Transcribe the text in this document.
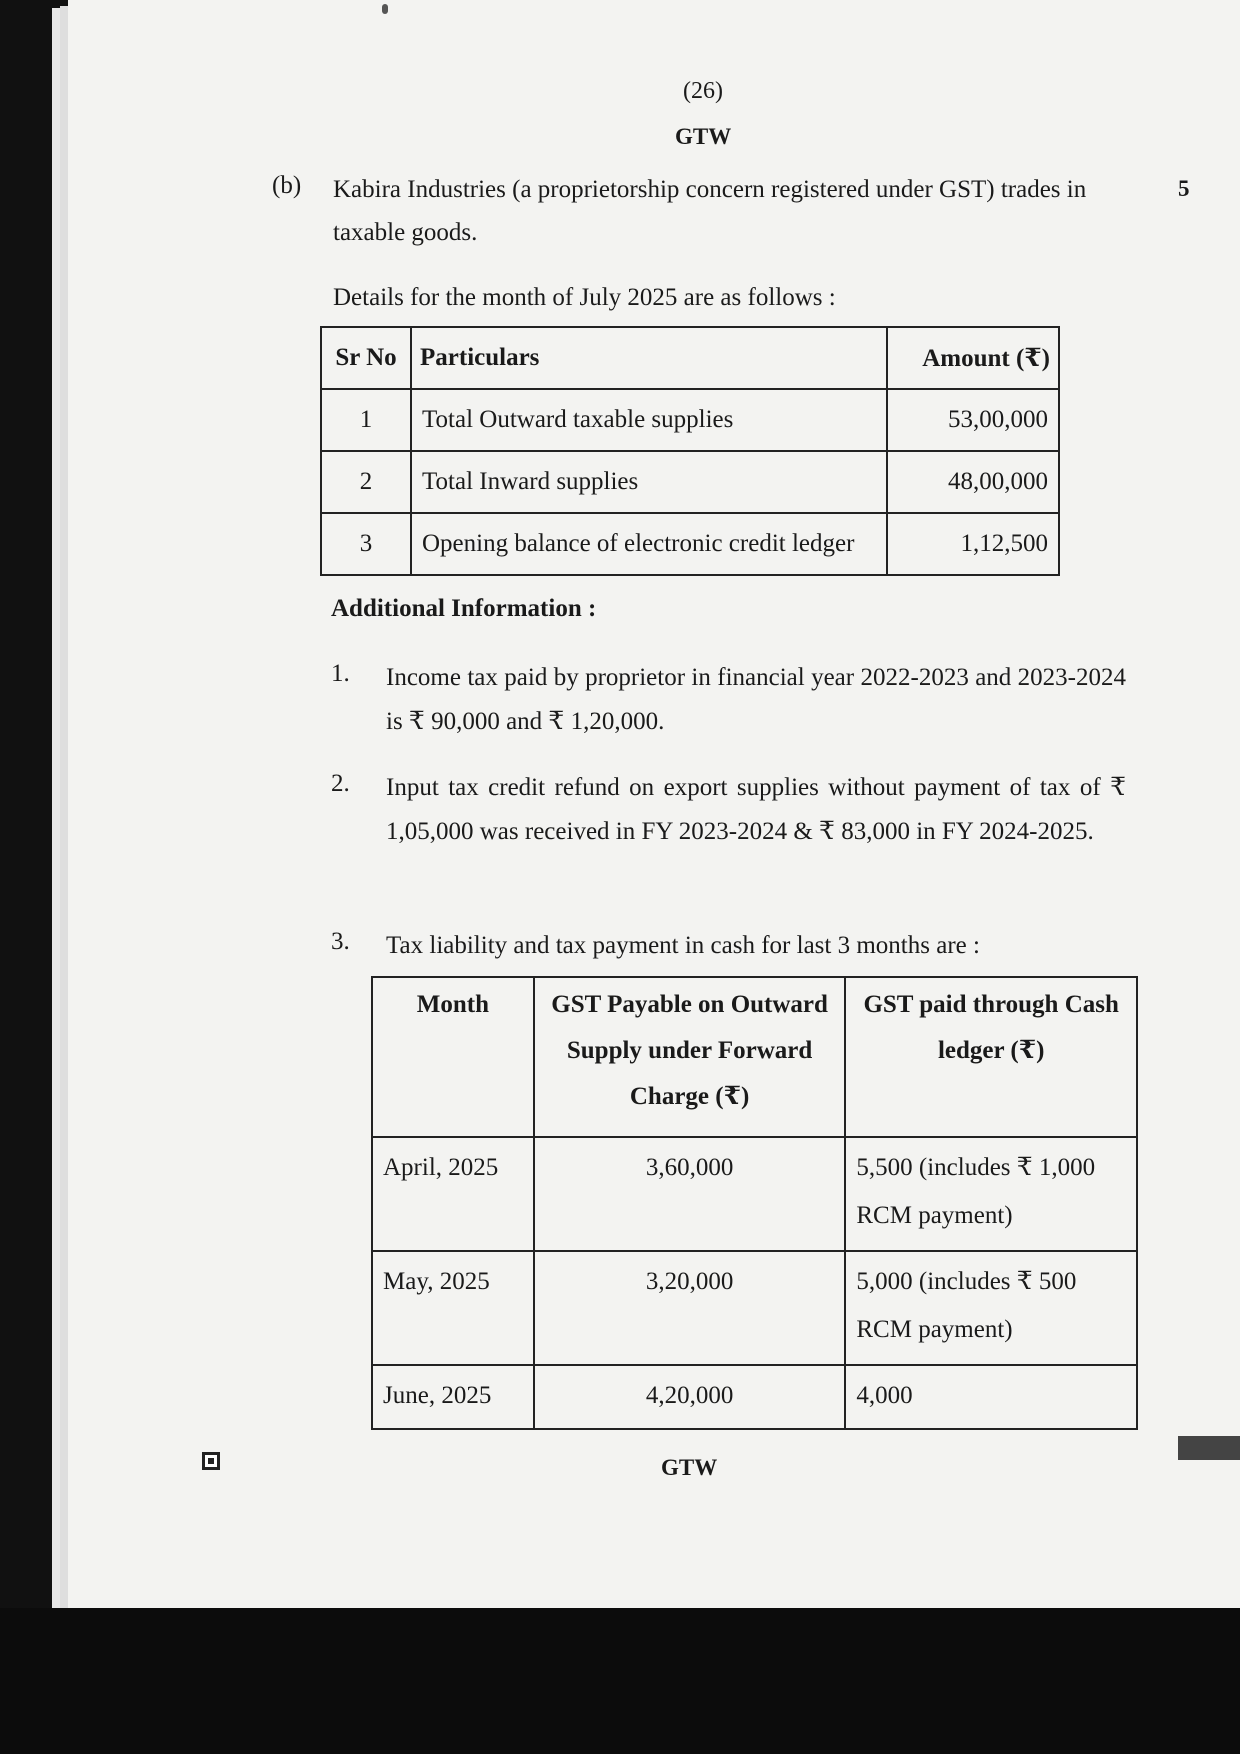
(26)
GTW
(b)	5
Kabira Industries (a proprietorship concern registered under GST) trades in taxable goods.
Details for the month of July 2025 are as follows :
Sr No	Particulars	Amount (₹)
1	Total Outward taxable supplies	53,00,000
2	Total Inward supplies	48,00,000
3	Opening balance of electronic credit ledger	1,12,500
Additional Information :
1. Income tax paid by proprietor in financial year 2022-2023 and 2023-2024 is ₹ 90,000 and ₹ 1,20,000.
2. Input tax credit refund on export supplies without payment of tax of ₹ 1,05,000 was received in FY 2023-2024 & ₹ 83,000 in FY 2024-2025.
3. Tax liability and tax payment in cash for last 3 months are :
Month	GST Payable on Outward Supply under Forward Charge (₹)	GST paid through Cash ledger (₹)
April, 2025	3,60,000	5,500 (includes ₹ 1,000 RCM payment)
May, 2025	3,20,000	5,000 (includes ₹ 500 RCM payment)
June, 2025	4,20,000	4,000
GTW
